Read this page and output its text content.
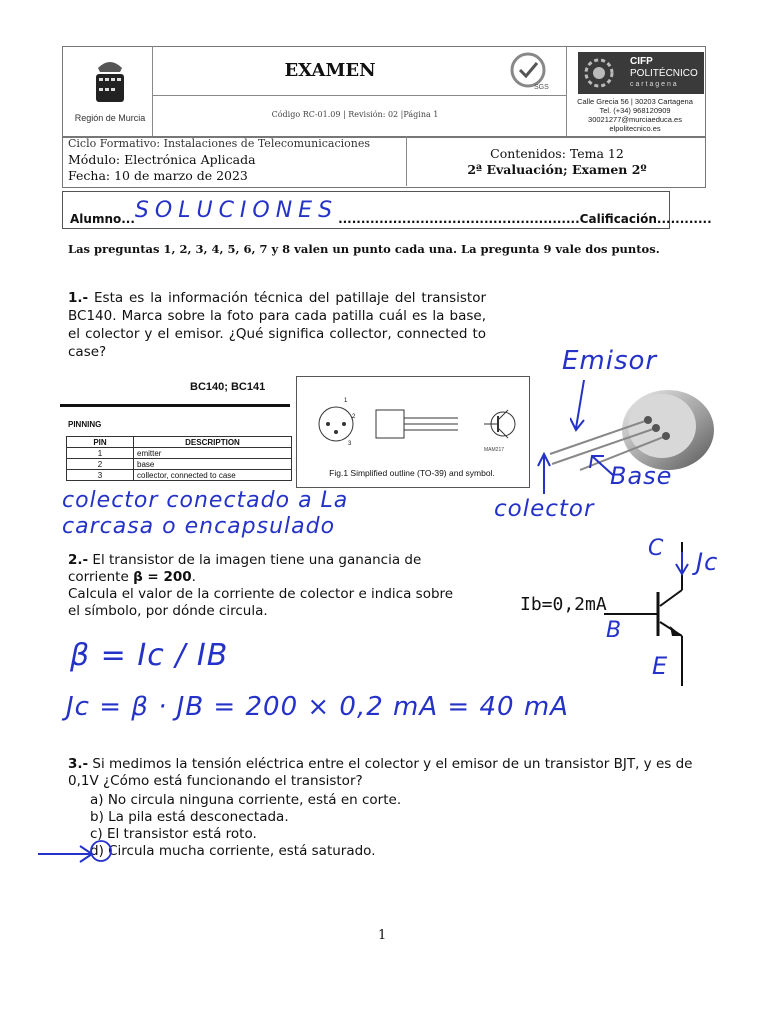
Región de Murcia
EXAMEN
Código RC-01.09 | Revisión: 02 |Página 1
SGS
CIFP
POLITÉCNICO
c a r t a g e n a
Calle Grecia 56 | 30203 Cartagena
Tel. (+34) 968120909
30021277@murciaeduca.es
elpolitecnico.es
Ciclo Formativo: Instalaciones de Telecomunicaciones
Módulo: Electrónica Aplicada
Fecha: 10 de marzo de 2023
Contenidos: Tema 12
2ª Evaluación; Examen 2º
Alumno...SOLUCIONES.....................................................Calificación............
Las preguntas 1, 2, 3, 4, 5, 6, 7 y 8 valen un punto cada una. La pregunta 9 vale dos puntos.
1.- Esta es la información técnica del patillaje del transistor BC140. Marca sobre la foto para cada patilla cuál es la base, el colector y el emisor. ¿Qué significa collector, connected to case?
BC140; BC141
PINNING
PIN	DESCRIPTION
1	emitter
2	base
3	collector, connected to case
1
2
3
MAM217
Fig.1 Simplified outline (TO-39) and symbol.
Emisor
Base
colector
colector conectado a La
carcasa o encapsulado
2.- El transistor de la imagen tiene una ganancia de
corriente β = 200.
Calcula el valor de la corriente de colector e indica sobre
el símbolo, por dónde circula.
C Jc
Ib=0,2mA
B
E
β = Ic / IB
Jc = β · JB = 200 × 0,2 mA = 40 mA
3.- Si medimos la tensión eléctrica entre el colector y el emisor de un transistor BJT, y es de 0,1V ¿Cómo está funcionando el transistor?
a) No circula ninguna corriente, está en corte.
b) La pila está desconectada.
c) El transistor está roto.
d) Circula mucha corriente, está saturado.
1
